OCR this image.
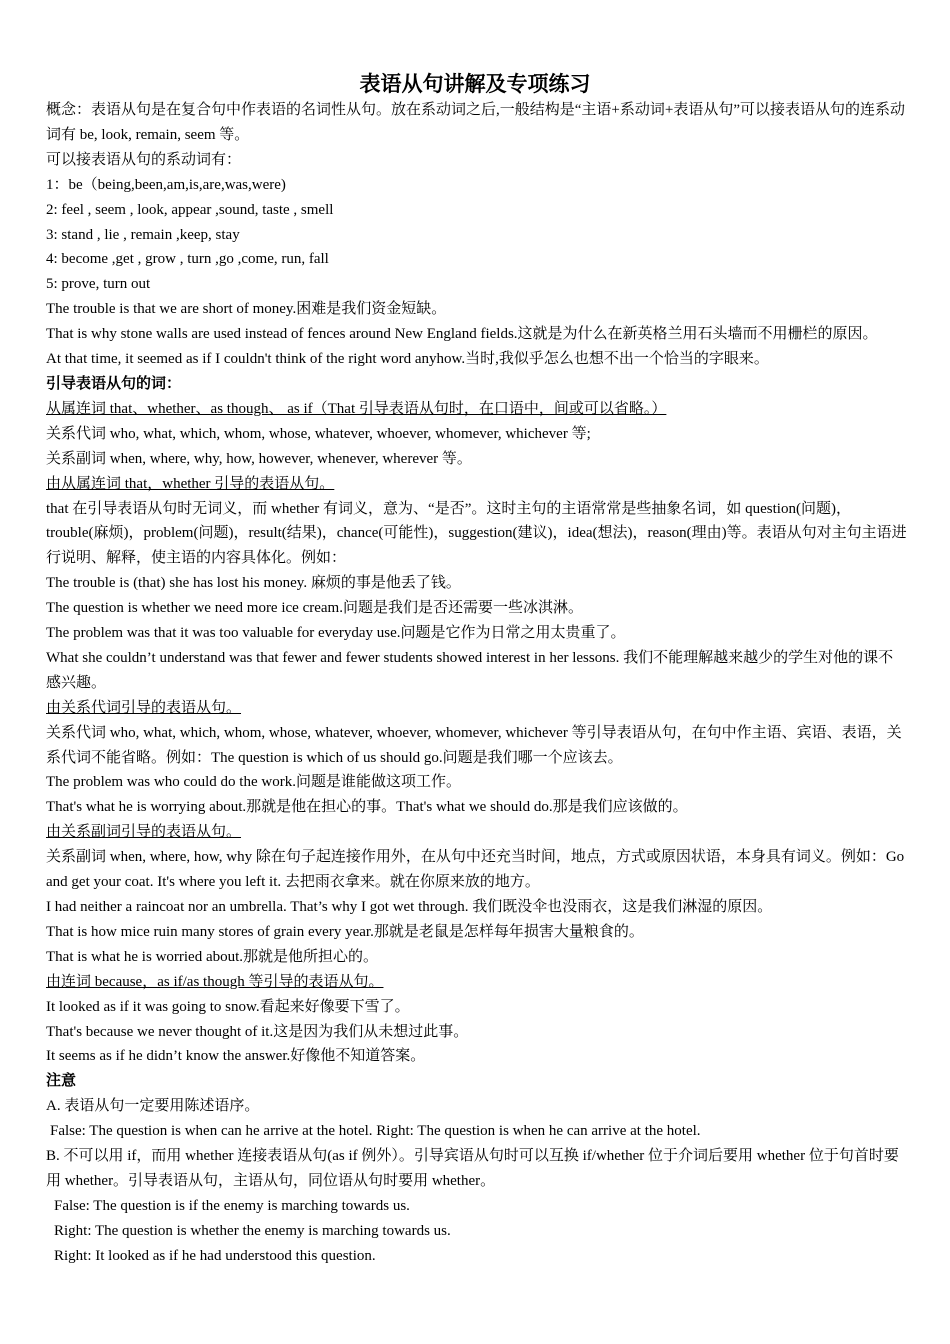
表语从句讲解及专项练习

概念：表语从句是在复合句中作表语的名词性从句。放在系动词之后,一般结构是“主语+系动词+表语从句”可以接表语从句的连系动词有 be, look, remain, seem 等。

可以接表语从句的系动词有：

1：be（being,been,am,is,are,was,were)

2: feel , seem , look, appear ,sound, taste , smell

3: stand , lie , remain ,keep, stay

4: become ,get , grow , turn ,go ,come, run, fall

5: prove, turn out

The trouble is that we are short of money.困难是我们资金短缺。

That is why stone walls are used instead of fences around New England fields.这就是为什么在新英格兰用石头墙而不用栅栏的原因。

At that time, it seemed as if I couldn't think of the right word anyhow.当时,我似乎怎么也想不出一个恰当的字眼来。

引导表语从句的词：

从属连词 that、whether、as though、 as if（That 引导表语从句时，在口语中，间或可以省略。）

关系代词 who, what, which, whom, whose, whatever, whoever, whomever, whichever 等;

关系副词 when, where, why, how, however, whenever, wherever 等。

由从属连词 that，whether 引导的表语从句。

that 在引导表语从句时无词义，而 whether 有词义，意为、“是否”。这时主句的主语常常是些抽象名词，如 question(问题)，trouble(麻烦)，problem(问题)，result(结果)，chance(可能性)，suggestion(建议)，idea(想法)，reason(理由)等。表语从句对主句主语进行说明、解释，使主语的内容具体化。例如：

The trouble is (that) she has lost his money. 麻烦的事是他丢了钱。

The question is whether we need more ice cream.问题是我们是否还需要一些冰淇淋。

The problem was that it was too valuable for everyday use.问题是它作为日常之用太贵重了。

What she couldn’t understand was that fewer and fewer students showed interest in her lessons. 我们不能理解越来越少的学生对他的课不感兴趣。

由关系代词引导的表语从句。

关系代词 who, what, which, whom, whose, whatever, whoever, whomever, whichever 等引导表语从句，在句中作主语、宾语、表语，关系代词不能省略。例如：The question is which of us should go.问题是我们哪一个应该去。

The problem was who could do the work.问题是谁能做这项工作。

That's what he is worrying about.那就是他在担心的事。That's what we should do.那是我们应该做的。

由关系副词引导的表语从句。

关系副词 when, where, how, why 除在句子起连接作用外，在从句中还充当时间，地点，方式或原因状语，本身具有词义。例如：Go and get your coat. It's where you left it. 去把雨衣拿来。就在你原来放的地方。

I had neither a raincoat nor an umbrella. That’s why I got wet through. 我们既没伞也没雨衣，这是我们淋湿的原因。

That is how mice ruin many stores of grain every year.那就是老鼠是怎样每年损害大量粮食的。

That is what he is worried about.那就是他所担心的。

由连词 because，as if/as though 等引导的表语从句。

It looked as if it was going to snow.看起来好像要下雪了。

That's because we never thought of it.这是因为我们从未想过此事。

It seems as if he didn’t know the answer.好像他不知道答案。

注意

A. 表语从句一定要用陈述语序。

False: The question is when can he arrive at the hotel. Right: The question is when he can arrive at the hotel.

B. 不可以用 if，而用 whether 连接表语从句(as if 例外）。引导宾语从句时可以互换 if/whether 位于介词后要用 whether 位于句首时要用 whether。引导表语从句，主语从句，同位语从句时要用 whether。

False: The question is if the enemy is marching towards us.

Right: The question is whether the enemy is marching towards us.

Right: It looked as if he had understood this question.
